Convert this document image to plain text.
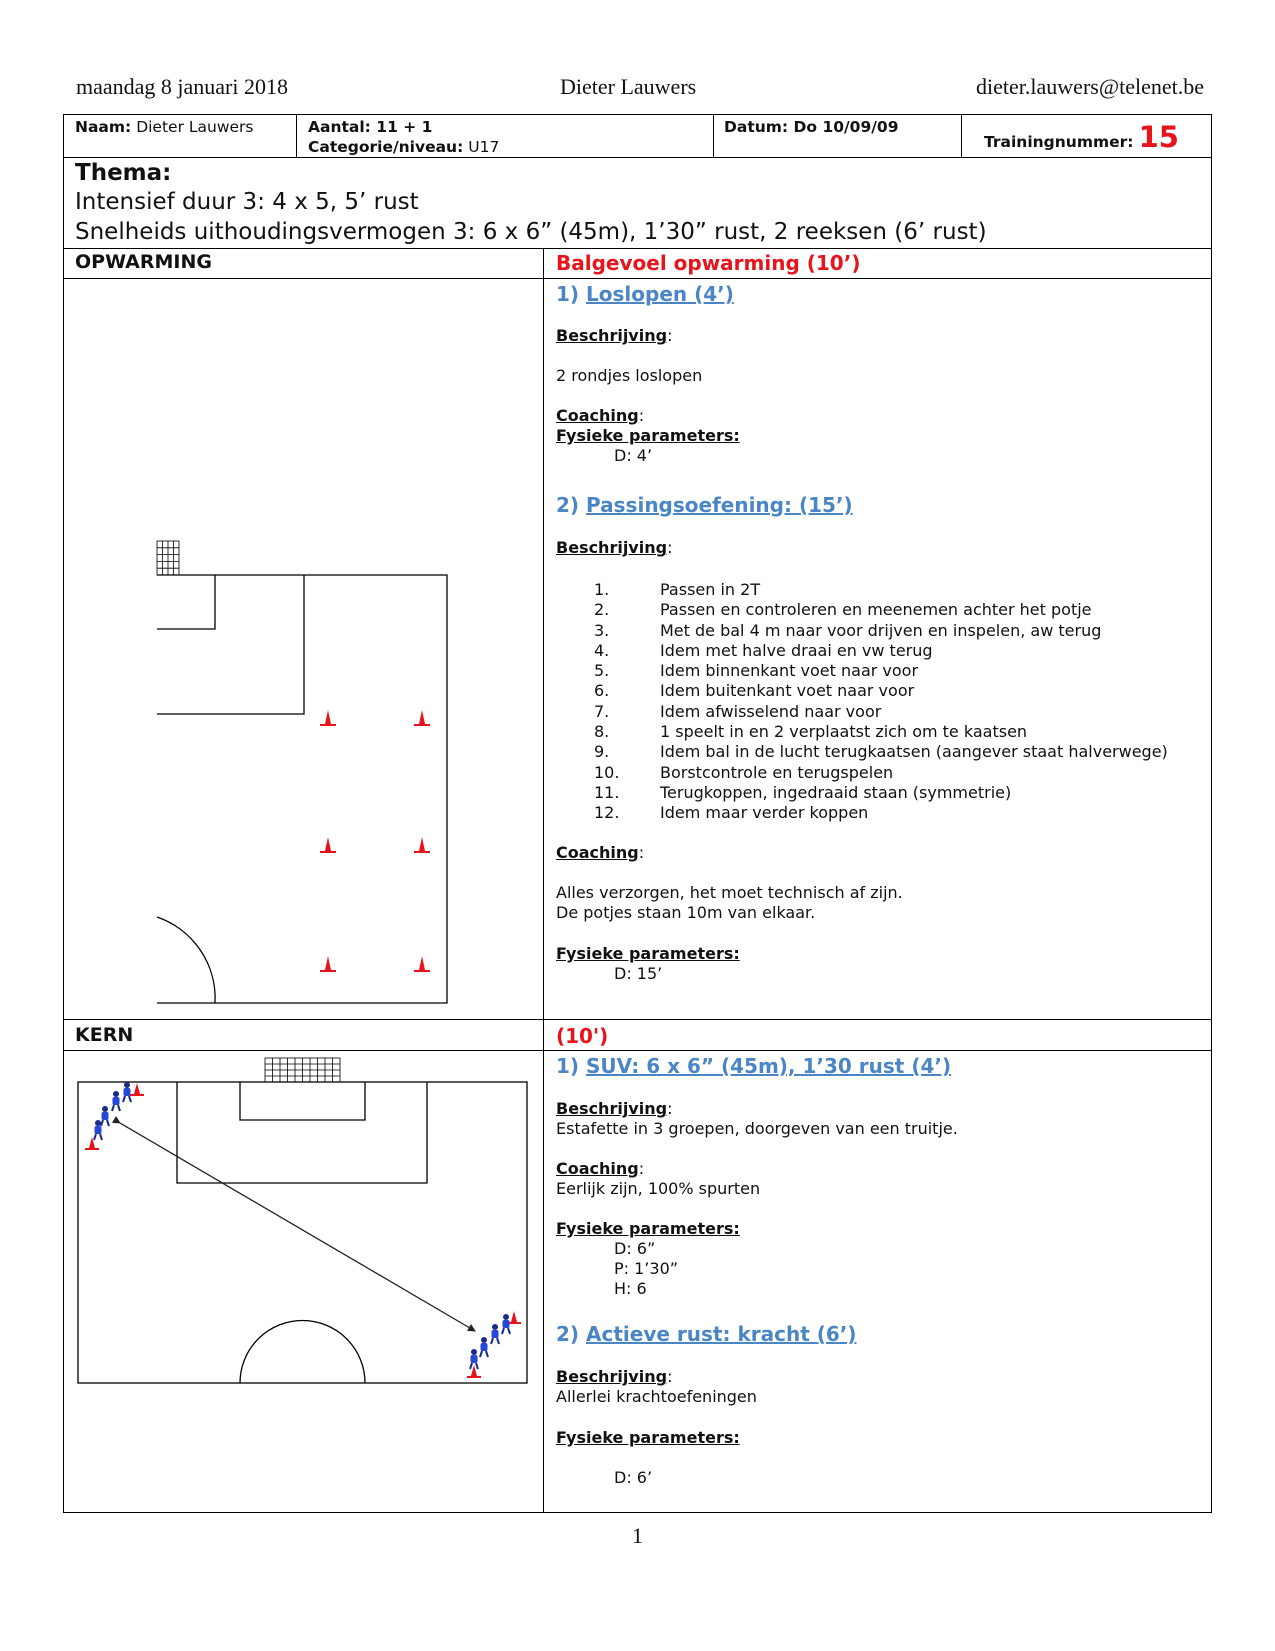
maandag 8 januari 2018	Dieter Lauwers	dieter.lauwers@telenet.be
Naam: Dieter Lauwers	Aantal: 11 + 1
Categorie/niveau: U17
Datum: Do 10/09/09
Trainingnummer: 15
Thema:
Intensief duur 3: 4 x 5, 5’ rust
Snelheids uithoudingsvermogen 3: 6 x 6” (45m), 1’30” rust, 2 reeksen (6’ rust)
OPWARMING	Balgevoel opwarming (10’)
1) Loslopen (4’)
Beschrijving:
2 rondjes loslopen
Coaching:
Fysieke parameters:
D: 4’
2) Passingsoefening: (15’)
Beschrijving:
1.	Passen in 2T
2.	Passen en controleren en meenemen achter het potje
3.	Met de bal 4 m naar voor drijven en inspelen, aw terug
4.	Idem met halve draai en vw terug
5.	Idem binnenkant voet naar voor
6.	Idem buitenkant voet naar voor
7.	Idem afwisselend naar voor
8.	1 speelt in en 2 verplaatst zich om te kaatsen
9.	Idem bal in de lucht terugkaatsen (aangever staat halverwege)
10.	Borstcontrole en terugspelen
11.	Terugkoppen, ingedraaid staan (symmetrie)
12.	Idem maar verder koppen
Coaching:
Alles verzorgen, het moet technisch af zijn.
De potjes staan 10m van elkaar.
Fysieke parameters:
D: 15’
KERN	(10')
1) SUV: 6 x 6” (45m), 1’30 rust (4’)
Beschrijving:
Estafette in 3 groepen, doorgeven van een truitje.
Coaching:
Eerlijk zijn, 100% spurten
Fysieke parameters:
D: 6”
P: 1’30”
H: 6
2) Actieve rust: kracht (6’)
Beschrijving:
Allerlei krachtoefeningen
Fysieke parameters:
D: 6’
1
